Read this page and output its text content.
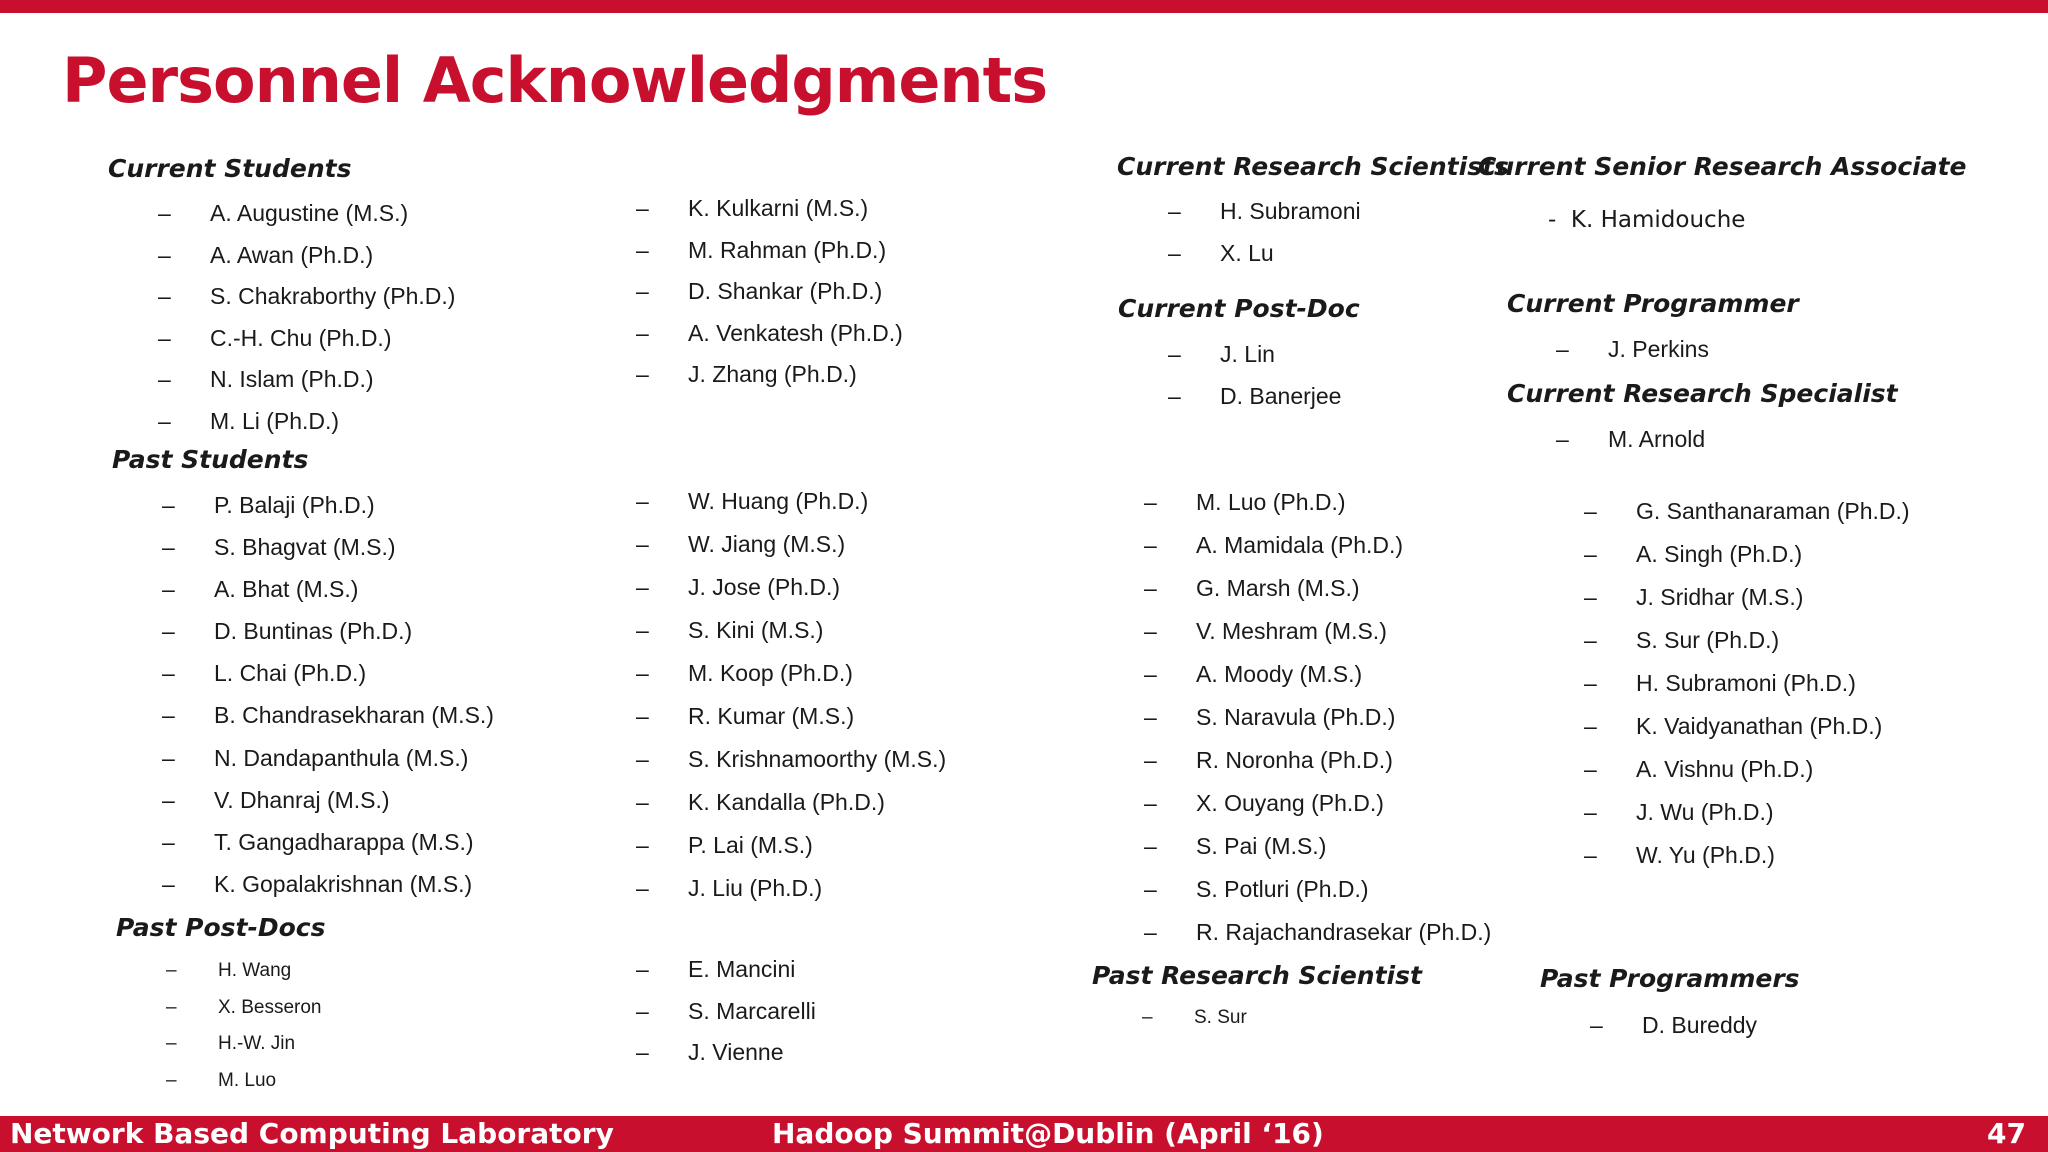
Personnel Acknowledgments
Current Students
– A. Augustine (M.S.)
– A. Awan (Ph.D.)
– S. Chakraborthy (Ph.D.)
– C.-H. Chu (Ph.D.)
– N. Islam (Ph.D.)
– M. Li (Ph.D.)
– K. Kulkarni (M.S.)
– M. Rahman (Ph.D.)
– D. Shankar (Ph.D.)
– A. Venkatesh (Ph.D.)
– J. Zhang (Ph.D.)
Past Students
– P. Balaji (Ph.D.)
– S. Bhagvat (M.S.)
– A. Bhat (M.S.)
– D. Buntinas (Ph.D.)
– L. Chai (Ph.D.)
– B. Chandrasekharan (M.S.)
– N. Dandapanthula (M.S.)
– V. Dhanraj (M.S.)
– T. Gangadharappa (M.S.)
– K. Gopalakrishnan (M.S.)
– W. Huang (Ph.D.)
– W. Jiang (M.S.)
– J. Jose (Ph.D.)
– S. Kini (M.S.)
– M. Koop (Ph.D.)
– R. Kumar (M.S.)
– S. Krishnamoorthy (M.S.)
– K. Kandalla (Ph.D.)
– P. Lai (M.S.)
– J. Liu (Ph.D.)
– M. Luo (Ph.D.)
– A. Mamidala (Ph.D.)
– G. Marsh (M.S.)
– V. Meshram (M.S.)
– A. Moody (M.S.)
– S. Naravula (Ph.D.)
– R. Noronha (Ph.D.)
– X. Ouyang (Ph.D.)
– S. Pai (M.S.)
– S. Potluri (Ph.D.)
– R. Rajachandrasekar (Ph.D.)
– G. Santhanaraman (Ph.D.)
– A. Singh (Ph.D.)
– J. Sridhar (M.S.)
– S. Sur (Ph.D.)
– H. Subramoni (Ph.D.)
– K. Vaidyanathan (Ph.D.)
– A. Vishnu (Ph.D.)
– J. Wu (Ph.D.)
– W. Yu (Ph.D.)
Past Post-Docs
– H. Wang
– X. Besseron
– H.-W. Jin
– M. Luo
– E. Mancini
– S. Marcarelli
– J. Vienne
Current Research Scientists
– H. Subramoni
– X. Lu
Current Senior Research Associate
-  K. Hamidouche
Current Post-Doc
– J. Lin
– D. Banerjee
Current Programmer
– J. Perkins
Current Research Specialist
– M. Arnold
Past Research Scientist
– S. Sur
Past Programmers
– D. Bureddy
Network Based Computing Laboratory	Hadoop Summit@Dublin (April ‘16)	47
